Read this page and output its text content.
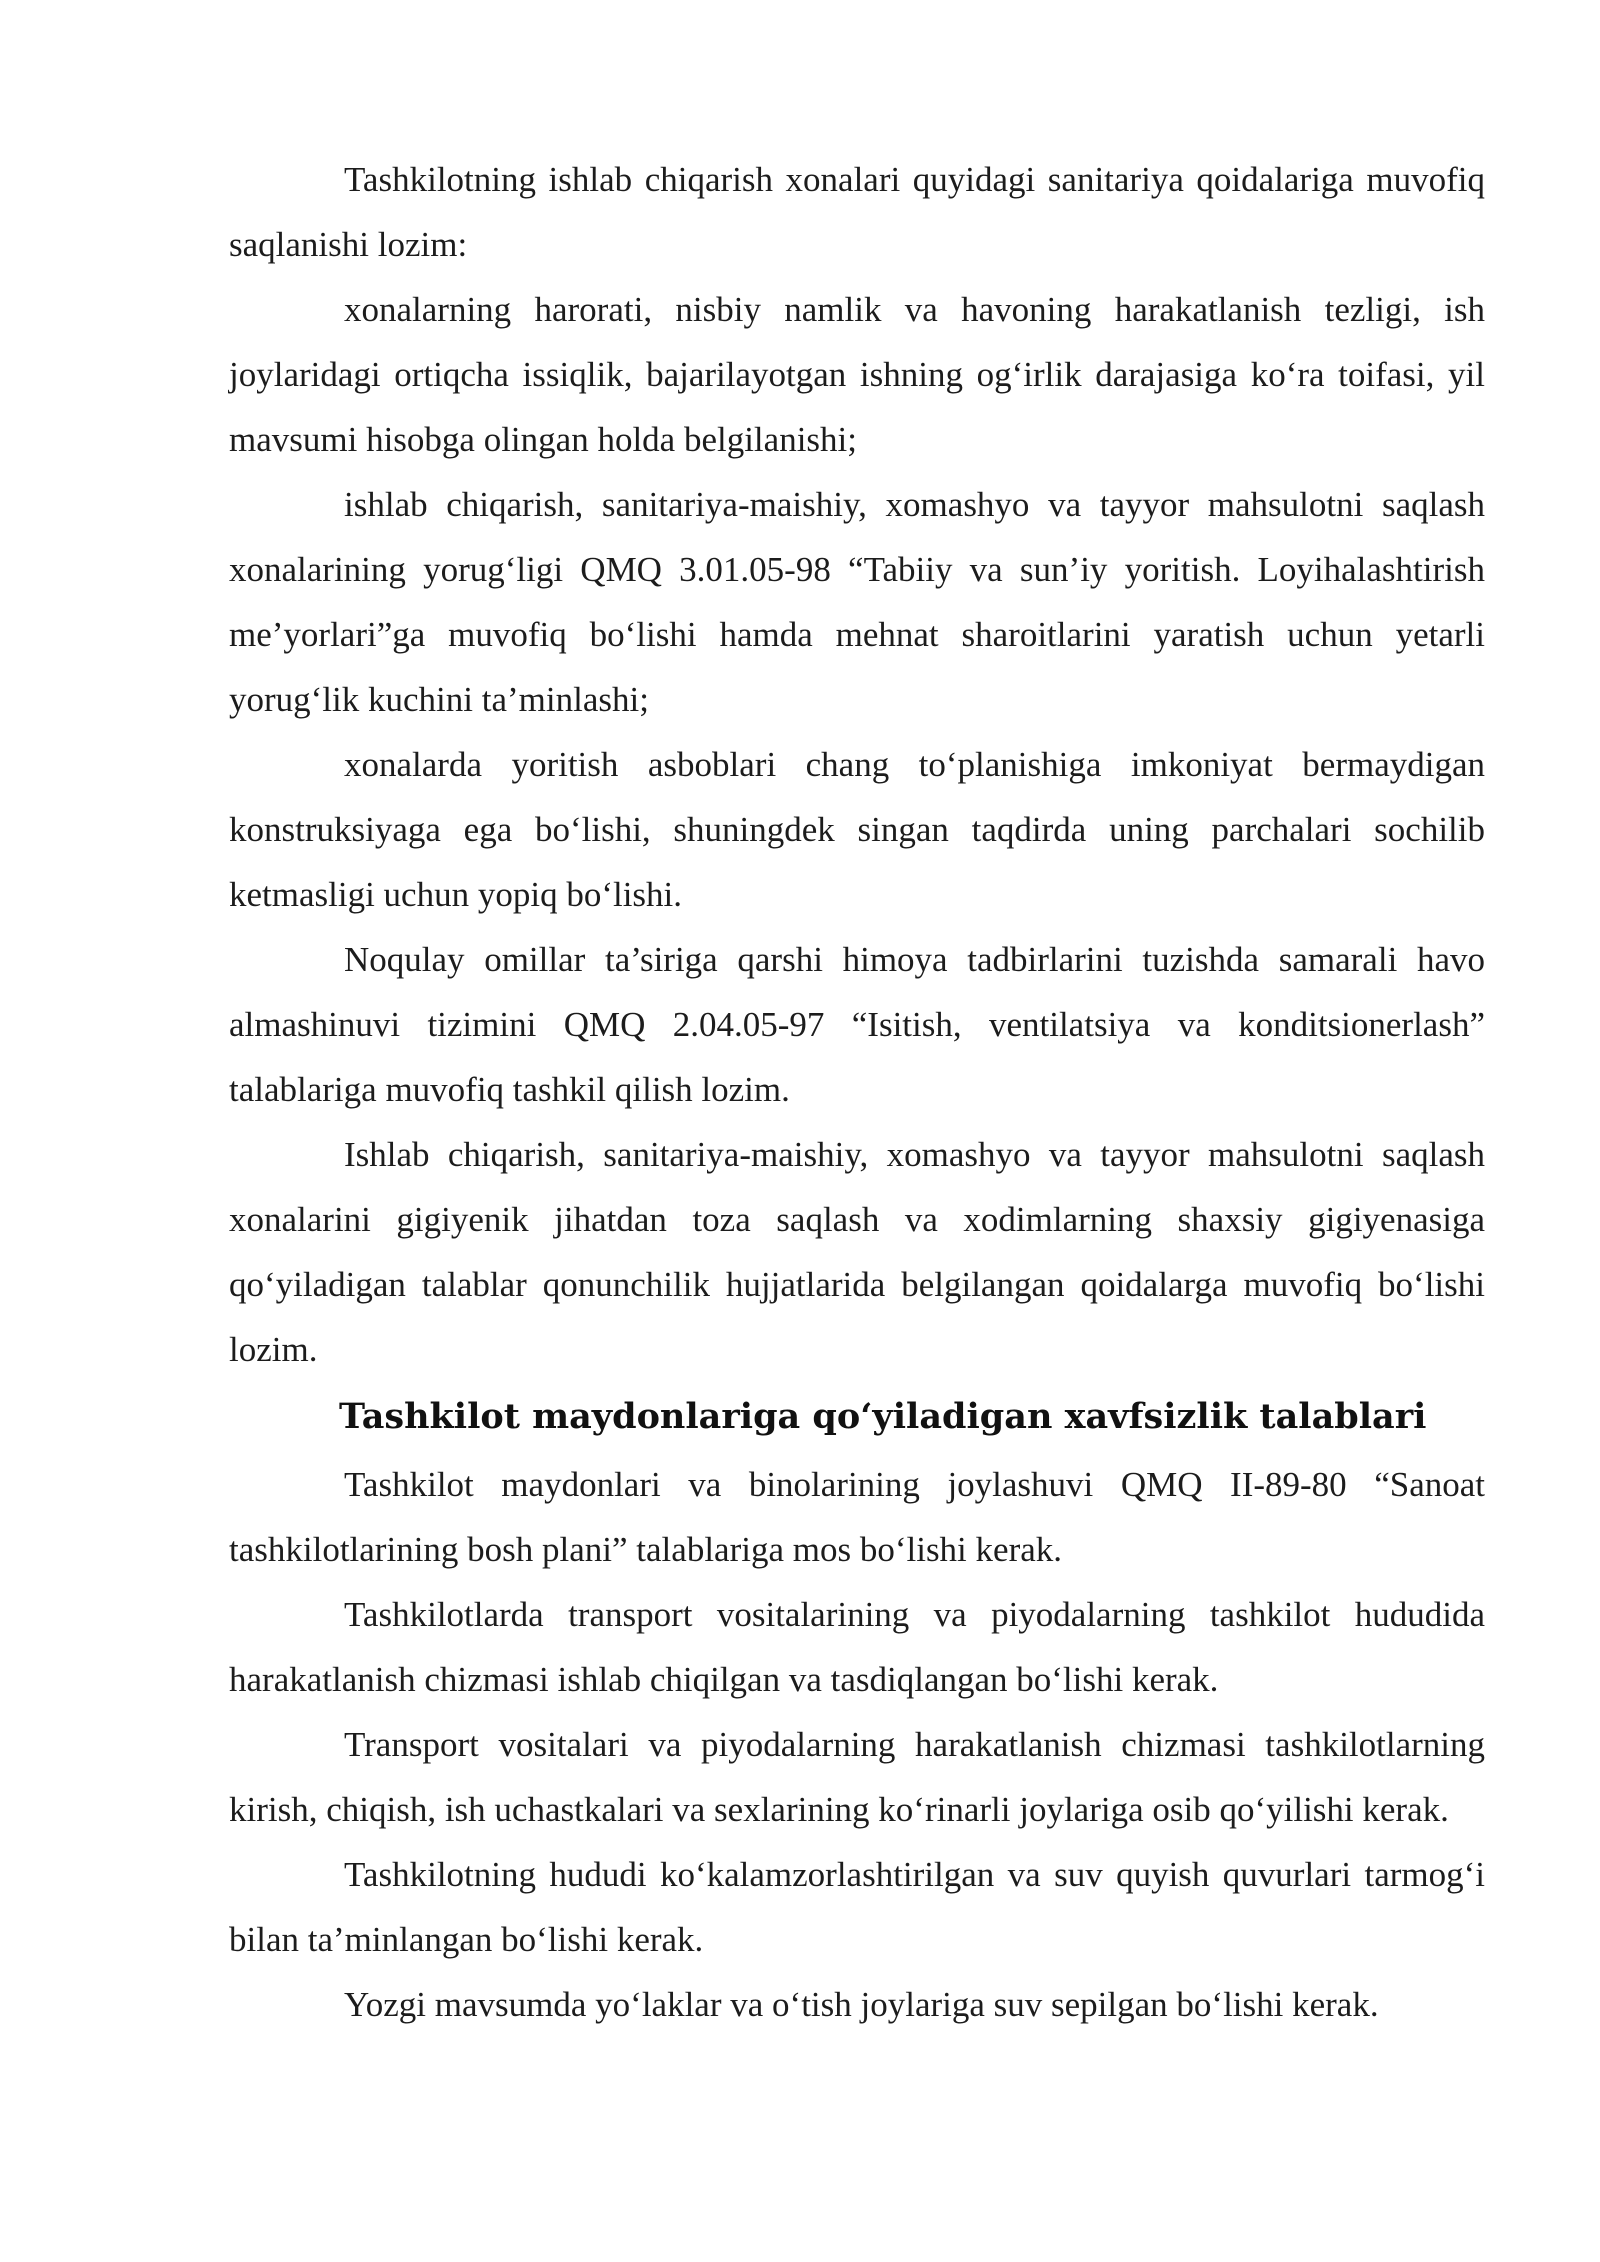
Tashkilotning ishlab chiqarish xonalari quyidagi sanitariya qoidalariga muvofiq saqlanishi lozim:

xonalarning harorati, nisbiy namlik va havoning harakatlanish tezligi, ish joylaridagi ortiqcha issiqlik, bajarilayotgan ishning og‘irlik darajasiga ko‘ra toifasi, yil mavsumi hisobga olingan holda belgilanishi;

ishlab chiqarish, sanitariya-maishiy, xomashyo va tayyor mahsulotni saqlash xonalarining yorug‘ligi QMQ 3.01.05-98 “Tabiiy va sun’iy yoritish. Loyihalashtirish me’yorlari”ga muvofiq bo‘lishi hamda mehnat sharoitlarini yaratish uchun yetarli yorug‘lik kuchini ta’minlashi;

xonalarda yoritish asboblari chang to‘planishiga imkoniyat bermaydigan konstruksiyaga ega bo‘lishi, shuningdek singan taqdirda uning parchalari sochilib ketmasligi uchun yopiq bo‘lishi.

Noqulay omillar ta’siriga qarshi himoya tadbirlarini tuzishda samarali havo almashinuvi tizimini QMQ 2.04.05-97 “Isitish, ventilatsiya va konditsionerlash” talablariga muvofiq tashkil qilish lozim.

Ishlab chiqarish, sanitariya-maishiy, xomashyo va tayyor mahsulotni saqlash xonalarini gigiyenik jihatdan toza saqlash va xodimlarning shaxsiy gigiyenasiga qo‘yiladigan talablar qonunchilik hujjatlarida belgilangan qoidalarga muvofiq bo‘lishi lozim.

Tashkilot maydonlariga qo‘yiladigan xavfsizlik talablari

Tashkilot maydonlari va binolarining joylashuvi QMQ II-89-80 “Sanoat tashkilotlarining bosh plani” talablariga mos bo‘lishi kerak.

Tashkilotlarda transport vositalarining va piyodalarning tashkilot hududida harakatlanish chizmasi ishlab chiqilgan va tasdiqlangan bo‘lishi kerak.

Transport vositalari va piyodalarning harakatlanish chizmasi tashkilotlarning kirish, chiqish, ish uchastkalari va sexlarining ko‘rinarli joylariga osib qo‘yilishi kerak.

Tashkilotning hududi ko‘kalamzorlashtirilgan va suv quyish quvurlari tarmog‘i bilan ta’minlangan bo‘lishi kerak.

Yozgi mavsumda yo‘laklar va o‘tish joylariga suv sepilgan bo‘lishi kerak.
